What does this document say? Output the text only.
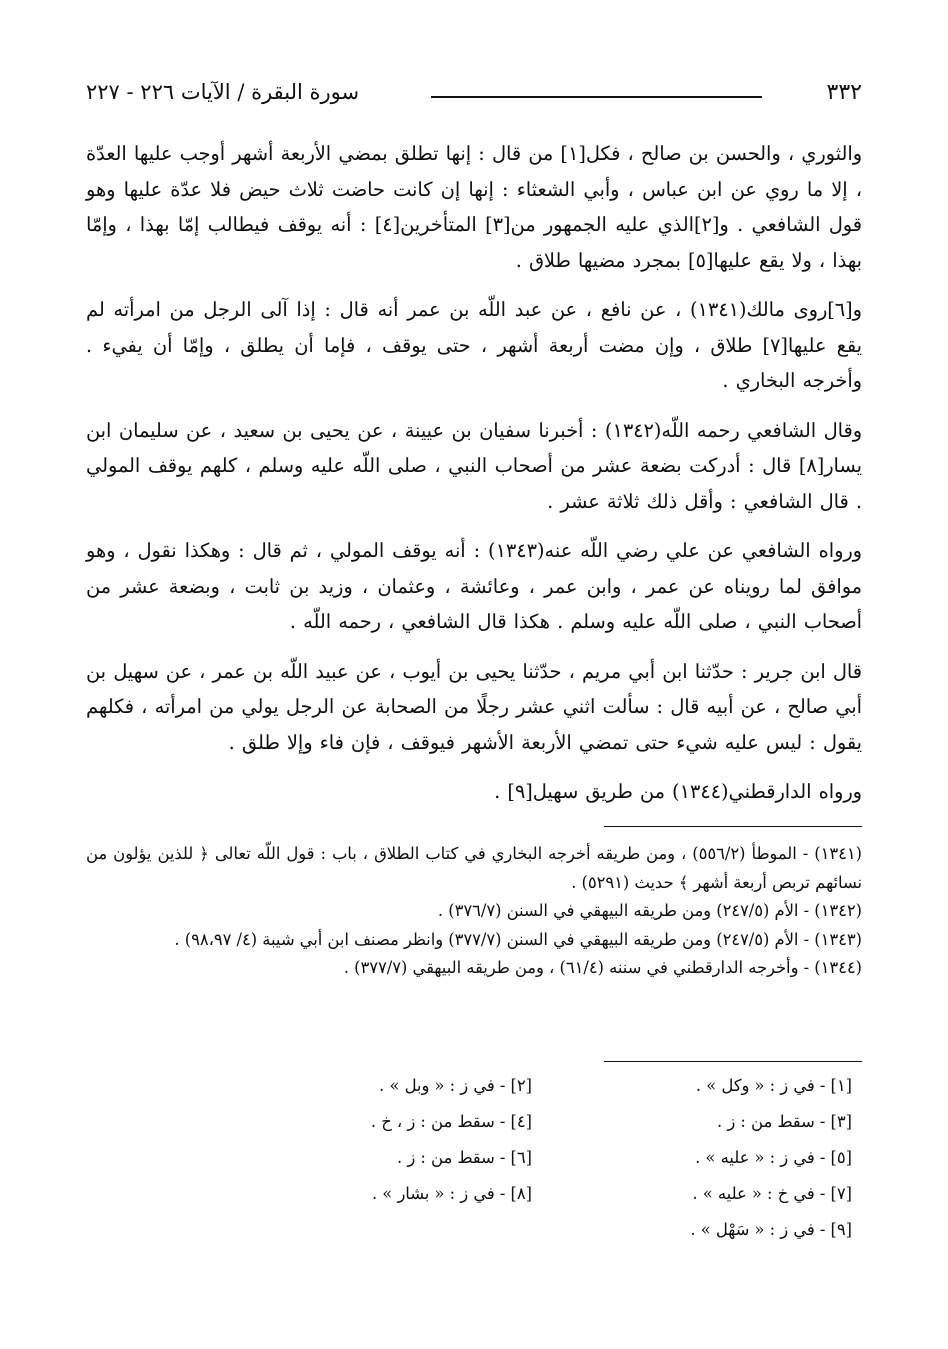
٣٣٢
سورة البقرة / الآيات ٢٢٦ - ٢٢٧

والثوري ، والحسن بن صالح ، فكل[١] من قال : إنها تطلق بمضي الأربعة أشهر أوجب عليها العدّة ، إلا ما روي عن ابن عباس ، وأبي الشعثاء : إنها إن كانت حاضت ثلاث حيض فلا عدّة عليها وهو قول الشافعي . و[٢]الذي عليه الجمهور من[٣] المتأخرين[٤] : أنه يوقف فيطالب إمّا بهذا ، وإمّا بهذا ، ولا يقع عليها[٥] بمجرد مضيها طلاق .

و[٦]روى مالك(١٣٤١) ، عن نافع ، عن عبد اللّه بن عمر أنه قال : إذا آلى الرجل من امرأته لم يقع عليها[٧] طلاق ، وإن مضت أربعة أشهر ، حتى يوقف ، فإما أن يطلق ، وإمّا أن يفيء . وأخرجه البخاري .

وقال الشافعي رحمه اللّه(١٣٤٢) : أخبرنا سفيان بن عيينة ، عن يحيى بن سعيد ، عن سليمان ابن يسار[٨] قال : أدركت بضعة عشر من أصحاب النبي ، صلى اللّه عليه وسلم ، كلهم يوقف المولي . قال الشافعي : وأقل ذلك ثلاثة عشر .

ورواه الشافعي عن علي رضي اللّه عنه(١٣٤٣) : أنه يوقف المولي ، ثم قال : وهكذا نقول ، وهو موافق لما رويناه عن عمر ، وابن عمر ، وعائشة ، وعثمان ، وزيد بن ثابت ، وبضعة عشر من أصحاب النبي ، صلى اللّه عليه وسلم . هكذا قال الشافعي ، رحمه اللّه .

قال ابن جرير : حدّثنا ابن أبي مريم ، حدّثنا يحيى بن أيوب ، عن عبيد اللّه بن عمر ، عن سهيل بن أبي صالح ، عن أبيه قال : سألت اثني عشر رجلًا من الصحابة عن الرجل يولي من امرأته ، فكلهم يقول : ليس عليه شيء حتى تمضي الأربعة الأشهر فيوقف ، فإن فاء وإلا طلق .

ورواه الدارقطني(١٣٤٤) من طريق سهيل[٩] .

(١٣٤١) - الموطأ (٥٥٦/٢) ، ومن طريقه أخرجه البخاري في كتاب الطلاق ، باب : قول اللّه تعالى ﴿ للذين يؤلون من نسائهم تربص أربعة أشهر ﴾ حديث (٥٢٩١) .

(١٣٤٢) - الأم (٢٤٧/٥) ومن طريقه البيهقي في السنن (٣٧٦/٧) .

(١٣٤٣) - الأم (٢٤٧/٥) ومن طريقه البيهقي في السنن (٣٧٧/٧) وانظر مصنف ابن أبي شيبة (٤/ ٩٨،٩٧) .

(١٣٤٤) - وأخرجه الدارقطني في سننه (٦١/٤) ، ومن طريقه البيهقي (٣٧٧/٧) .

[١] - في ز : « وكل » .
[٢] - في ز : « وبل » .
[٣] - سقط من : ز .
[٤] - سقط من : ز ، خ .
[٥] - في ز : « عليه » .
[٦] - سقط من : ز .
[٧] - في خ : « عليه » .
[٨] - في ز : « بشار » .
[٩] - في ز : « سَهْل » .
